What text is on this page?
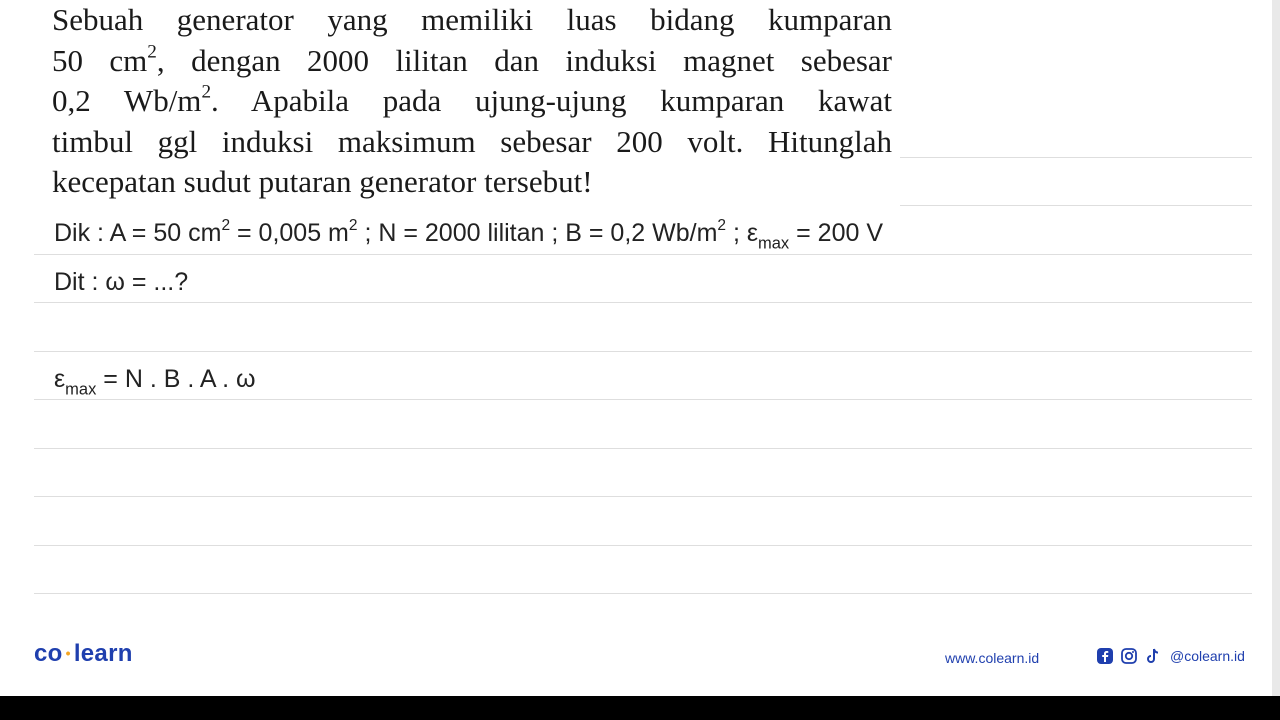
Sebuah generator yang memiliki luas bidang kumparan
50 $cm^2$, dengan 2000 lilitan dan induksi magnet sebesar
0,2 $Wb/m^2$. Apabila pada ujung-ujung kumparan kawat
timbul ggl induksi maksimum sebesar 200 volt. Hitunglah
kecepatan sudut putaran generator tersebut!
Dik : A = 50 $cm^2 = 0,005$ $m^2$ ; N = 2000 lilitan ; B = 0,2 $Wb/m^2$ ; $\varepsilon_{max} = 200$ V
Dit : ω = ...?
$\varepsilon_{max} = N$ . B . A . ω
co • learn	www.colearn.id	@colearn.id
